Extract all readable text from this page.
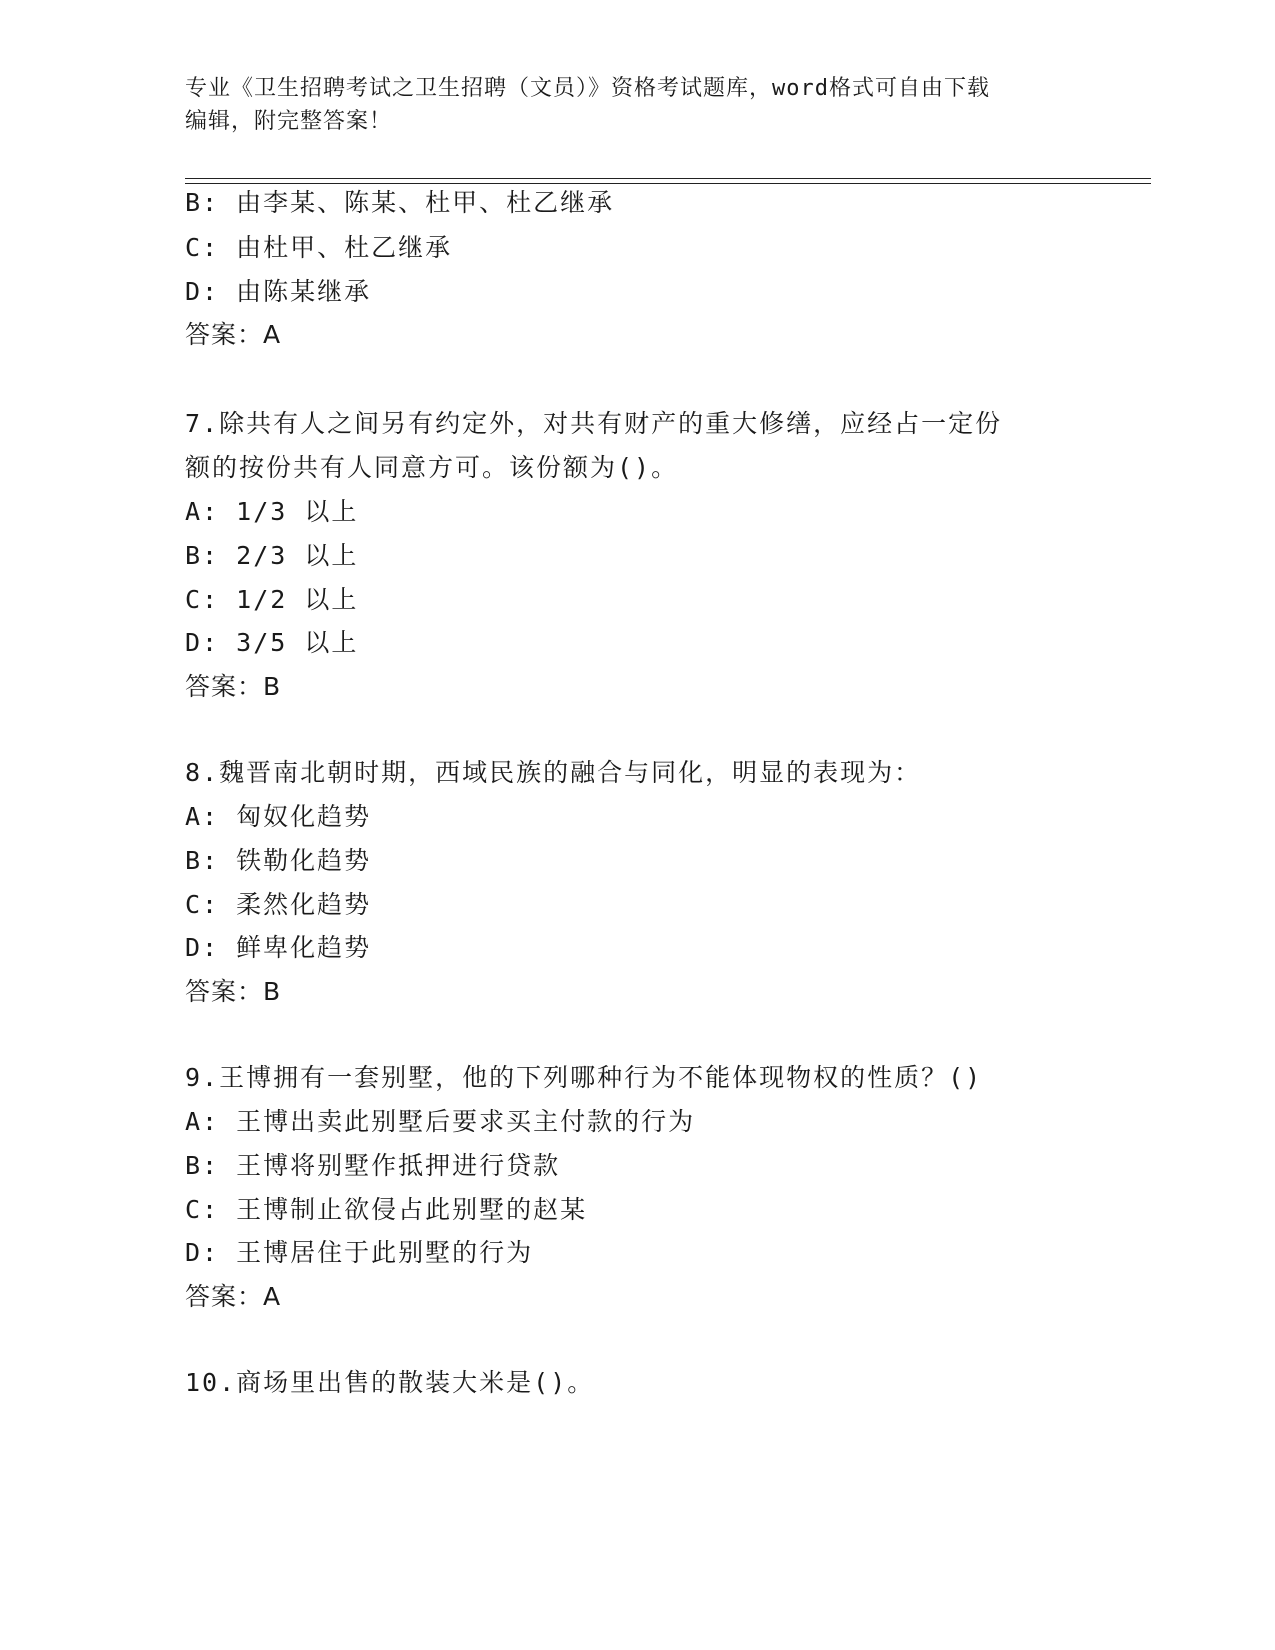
专业《卫生招聘考试之卫生招聘（文员）》资格考试题库，word格式可自由下载
编辑，附完整答案！
B: 由李某、陈某、杜甲、杜乙继承
C: 由杜甲、杜乙继承
D: 由陈某继承
答案：A
7.除共有人之间另有约定外，对共有财产的重大修缮，应经占一定份
额的按份共有人同意方可。该份额为()。
A: 1/3 以上
B: 2/3 以上
C: 1/2 以上
D: 3/5 以上
答案：B
8.魏晋南北朝时期，西域民族的融合与同化，明显的表现为：
A: 匈奴化趋势
B: 铁勒化趋势
C: 柔然化趋势
D: 鲜卑化趋势
答案：B
9.王博拥有一套别墅，他的下列哪种行为不能体现物权的性质？()
A: 王博出卖此别墅后要求买主付款的行为
B: 王博将别墅作抵押进行贷款
C: 王博制止欲侵占此别墅的赵某
D: 王博居住于此别墅的行为
答案：A
10.商场里出售的散装大米是()。
